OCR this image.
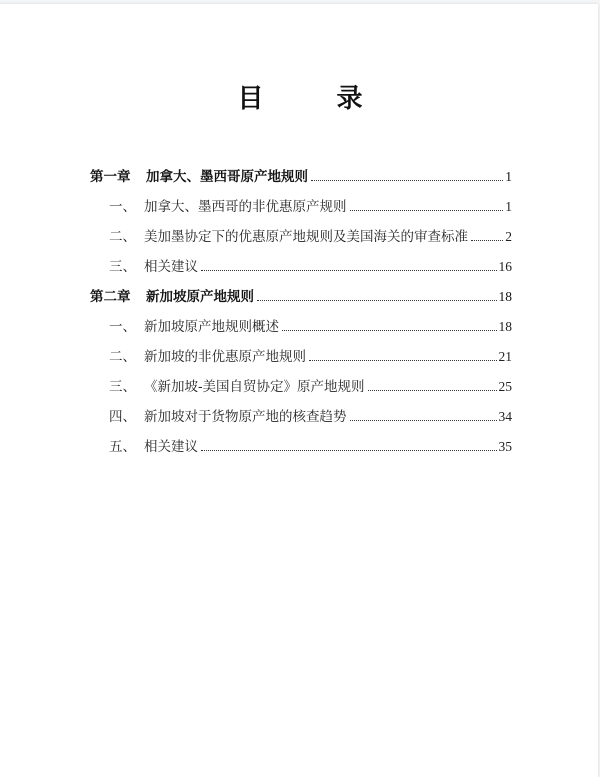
目 录
第一章	加拿大、墨西哥原产地规则	1
一、 加拿大、墨西哥的非优惠原产规则	1
二、 美加墨协定下的优惠原产地规则及美国海关的审查标准	2
三、 相关建议	16
第二章	新加坡原产地规则	18
一、 新加坡原产地规则概述	18
二、 新加坡的非优惠原产地规则	21
三、 《新加坡-美国自贸协定》原产地规则	25
四、 新加坡对于货物原产地的核查趋势	34
五、 相关建议	35
